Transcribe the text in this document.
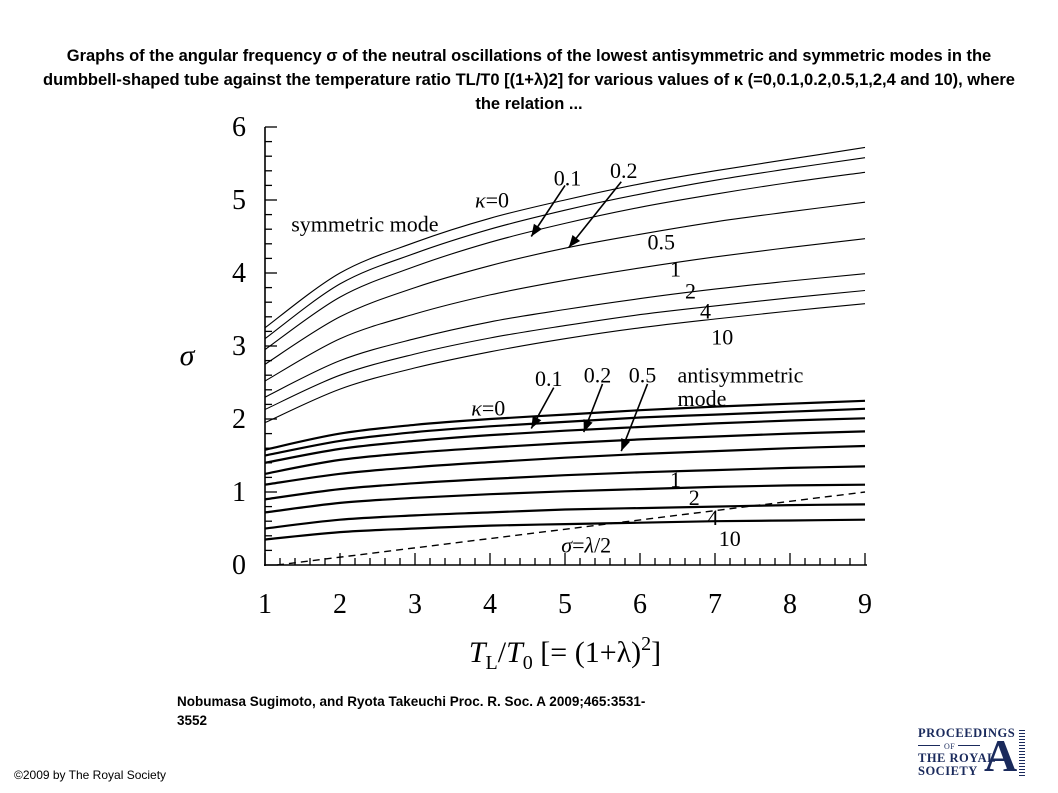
Graphs of the angular frequency σ of the neutral oscillations of the lowest antisymmetric and symmetric modes in the dumbbell-shaped tube against the temperature ratio TL/T0 [(1+λ)2] for various values of κ (=0,0.1,0.2,0.5,1,2,4 and 10), where the relation ...
0
1
2
3
4
5
6
1 2 3 4 5 6 7 8 9
σ
$T_L/T_0$ [= $(1+\lambda)^2$]
symmetric mode
κ=0
0.1 0.2
0.5
1
2
4
10
κ=0
0.1 0.2 0.5 antisymmetric
mode
1
2
4
10
σ=λ/2

Nobumasa Sugimoto, and Ryota Takeuchi Proc. R. Soc. A 2009;465:3531-3552

©2009 by The Royal Society

PROCEEDINGS
OF
THE ROYAL
SOCIETY A
